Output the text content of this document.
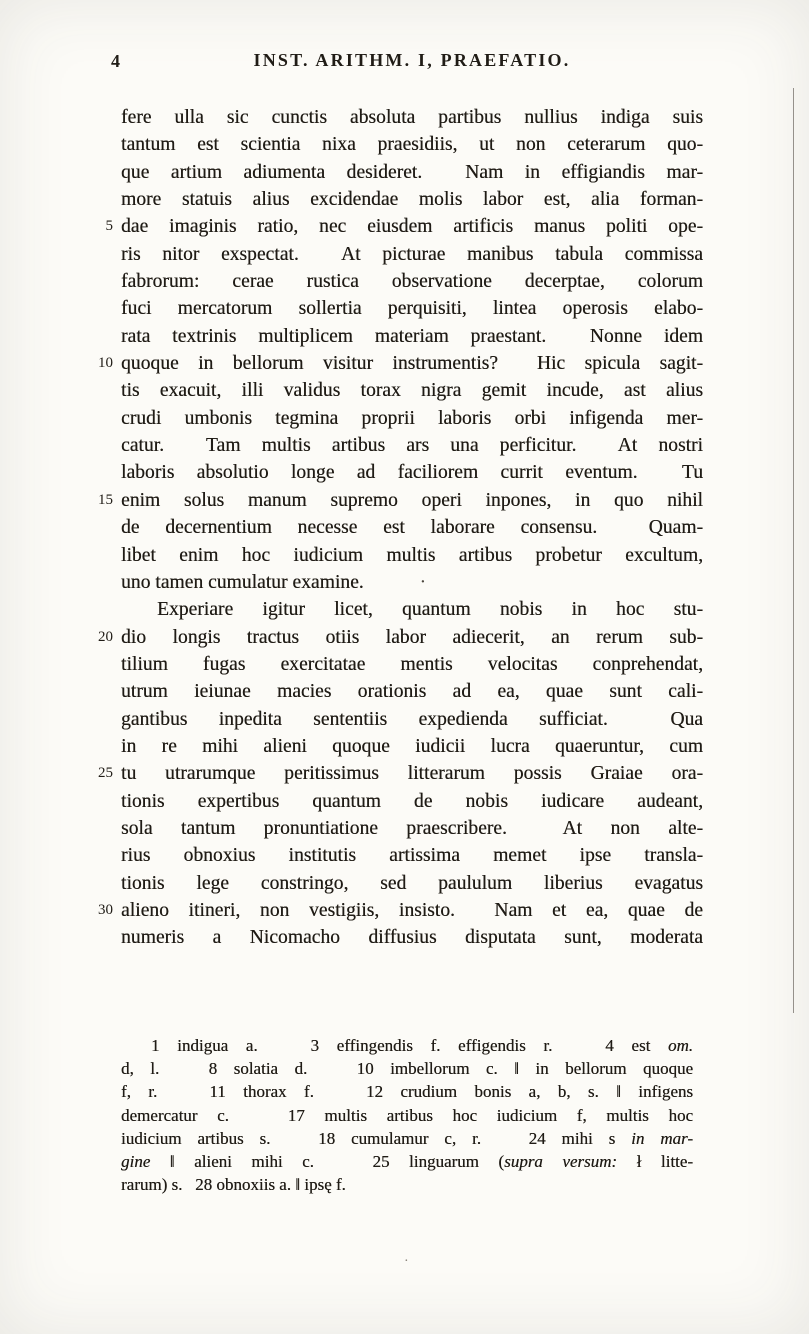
4	INST. ARITHM. I, PRAEFATIO.
fere ulla sic cunctis absoluta partibus nullius indiga suis
tantum est scientia nixa praesidiis, ut non ceterarum quo-
que artium adiumenta desideret.  Nam in effigiandis mar-
more statuis alius excidendae molis labor est, alia forman-
5 dae imaginis ratio, nec eiusdem artificis manus politi ope-
ris nitor exspectat.  At picturae manibus tabula commissa
fabrorum: cerae rustica observatione decerptae, colorum
fuci mercatorum sollertia perquisiti, lintea operosis elabo-
rata textrinis multiplicem materiam praestant.  Nonne idem
10 quoque in bellorum visitur instrumentis?  Hic spicula sagit-
tis exacuit, illi validus torax nigra gemit incude, ast alius
crudi umbonis tegmina proprii laboris orbi infigenda mer-
catur.  Tam multis artibus ars una perficitur.  At nostri
laboris absolutio longe ad faciliorem currit eventum.  Tu
15 enim solus manum supremo operi inpones, in quo nihil
de decernentium necesse est laborare consensu.  Quam-
libet enim hoc iudicium multis artibus probetur excultum,
uno tamen cumulatur examine.	·
Experiare igitur licet, quantum nobis in hoc stu-
20 dio longis tractus otiis labor adiecerit, an rerum sub-
tilium fugas exercitatae mentis velocitas conprehendat,
utrum ieiunae macies orationis ad ea, quae sunt cali-
gantibus inpedita sententiis expedienda sufficiat.  Qua
in re mihi alieni quoque iudicii lucra quaeruntur, cum
25 tu utrarumque peritissimus litterarum possis Graiae ora-
tionis expertibus quantum de nobis iudicare audeant,
sola tantum pronuntiatione praescribere.  At non alte-
rius obnoxius institutis artissima memet ipse transla-
tionis lege constringo, sed paululum liberius evagatus
30 alieno itineri, non vestigiis, insisto.  Nam et ea, quae de
numeris a Nicomacho diffusius disputata sunt, moderata
1 indigua a.   3 effingendis f. effigendis r.   4 est om.
d, l.   8 solatia d.   10 imbellorum c. ‖ in bellorum quoque
f, r.   11 thorax f.   12 crudium bonis a, b, s. ‖ infigens
demercatur c.   17 multis artibus hoc iudicium f, multis hoc
iudicium artibus s.   18 cumulamur c, r.   24 mihi s in mar-
gine ‖ alieni mihi c.   25 linguarum (supra versum: ł litte-
rarum) s.   28 obnoxiis a. ‖ ipsę f.
·
